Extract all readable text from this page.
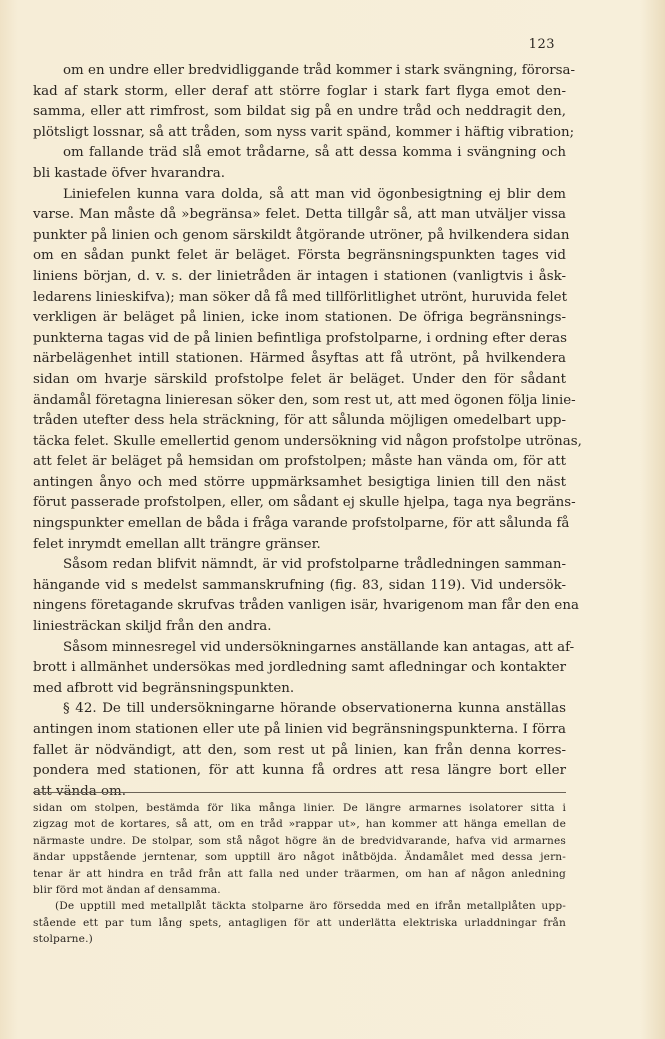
123
om en undre eller bredvidliggande tråd kommer i stark svängning, förorsa-
kad af stark storm, eller deraf att större foglar i stark fart flyga emot den-
samma, eller att rimfrost, som bildat sig på en undre tråd och neddragit den,
plötsligt lossnar, så att tråden, som nyss varit spänd, kommer i häftig vibration;
om fallande träd slå emot trådarne, så att dessa komma i svängning och
bli kastade öfver hvarandra.
Liniefelen kunna vara dolda, så att man vid ögonbesigtning ej blir dem
varse. Man måste då »begränsa» felet. Detta tillgår så, att man utväljer vissa
punkter på linien och genom särskildt åtgörande utröner, på hvilkendera sidan
om en sådan punkt felet är beläget. Första begränsningspunkten tages vid
liniens början, d. v. s. der linietråden är intagen i stationen (vanligtvis i åsk-
ledarens linieskifva); man söker då få med tillförlitlighet utrönt, huruvida felet
verkligen är beläget på linien, icke inom stationen. De öfriga begränsnings-
punkterna tagas vid de på linien befintliga profstolparne, i ordning efter deras
närbelägenhet intill stationen. Härmed åsyftas att få utrönt, på hvilkendera
sidan om hvarje särskild profstolpe felet är beläget. Under den för sådant
ändamål företagna linieresan söker den, som rest ut, att med ögonen följa linie-
tråden utefter dess hela sträckning, för att sålunda möjligen omedelbart upp-
täcka felet. Skulle emellertid genom undersökning vid någon profstolpe utrönas,
att felet är beläget på hemsidan om profstolpen; måste han vända om, för att
antingen ånyo och med större uppmärksamhet besigtiga linien till den näst
förut passerade profstolpen, eller, om sådant ej skulle hjelpa, taga nya begräns-
ningspunkter emellan de båda i fråga varande profstolparne, för att sålunda få
felet inrymdt emellan allt trängre gränser.
Såsom redan blifvit nämndt, är vid profstolparne trådledningen samman-
hängande vid s medelst sammanskrufning (fig. 83, sidan 119). Vid undersök-
ningens företagande skrufvas tråden vanligen isär, hvarigenom man får den ena
liniesträckan skiljd från den andra.
Såsom minnesregel vid undersökningarnes anställande kan antagas, att af-
brott i allmänhet undersökas med jordledning samt afledningar och kontakter
med afbrott vid begränsningspunkten.
§ 42. De till undersökningarne hörande observationerna kunna anställas
antingen inom stationen eller ute på linien vid begränsningspunkterna. I förra
fallet är nödvändigt, att den, som rest ut på linien, kan från denna korres-
pondera med stationen, för att kunna få ordres att resa längre bort eller
att vända om.
sidan om stolpen, bestämda för lika många linier. De längre armarnes isolatorer sitta i
zigzag mot de kortares, så att, om en tråd »rappar ut», han kommer att hänga emellan de
närmaste undre. De stolpar, som stå något högre än de bredvidvarande, hafva vid armarnes
ändar uppstående jerntenar, som upptill äro något inåtböjda. Ändamålet med dessa jern-
tenar är att hindra en tråd från att falla ned under träarmen, om han af någon anledning
blir förd mot ändan af densamma.
(De upptill med metallplåt täckta stolparne äro försedda med en ifrån metallplåten upp-
stående ett par tum lång spets, antagligen för att underlätta elektriska urladdningar från
stolparne.)
